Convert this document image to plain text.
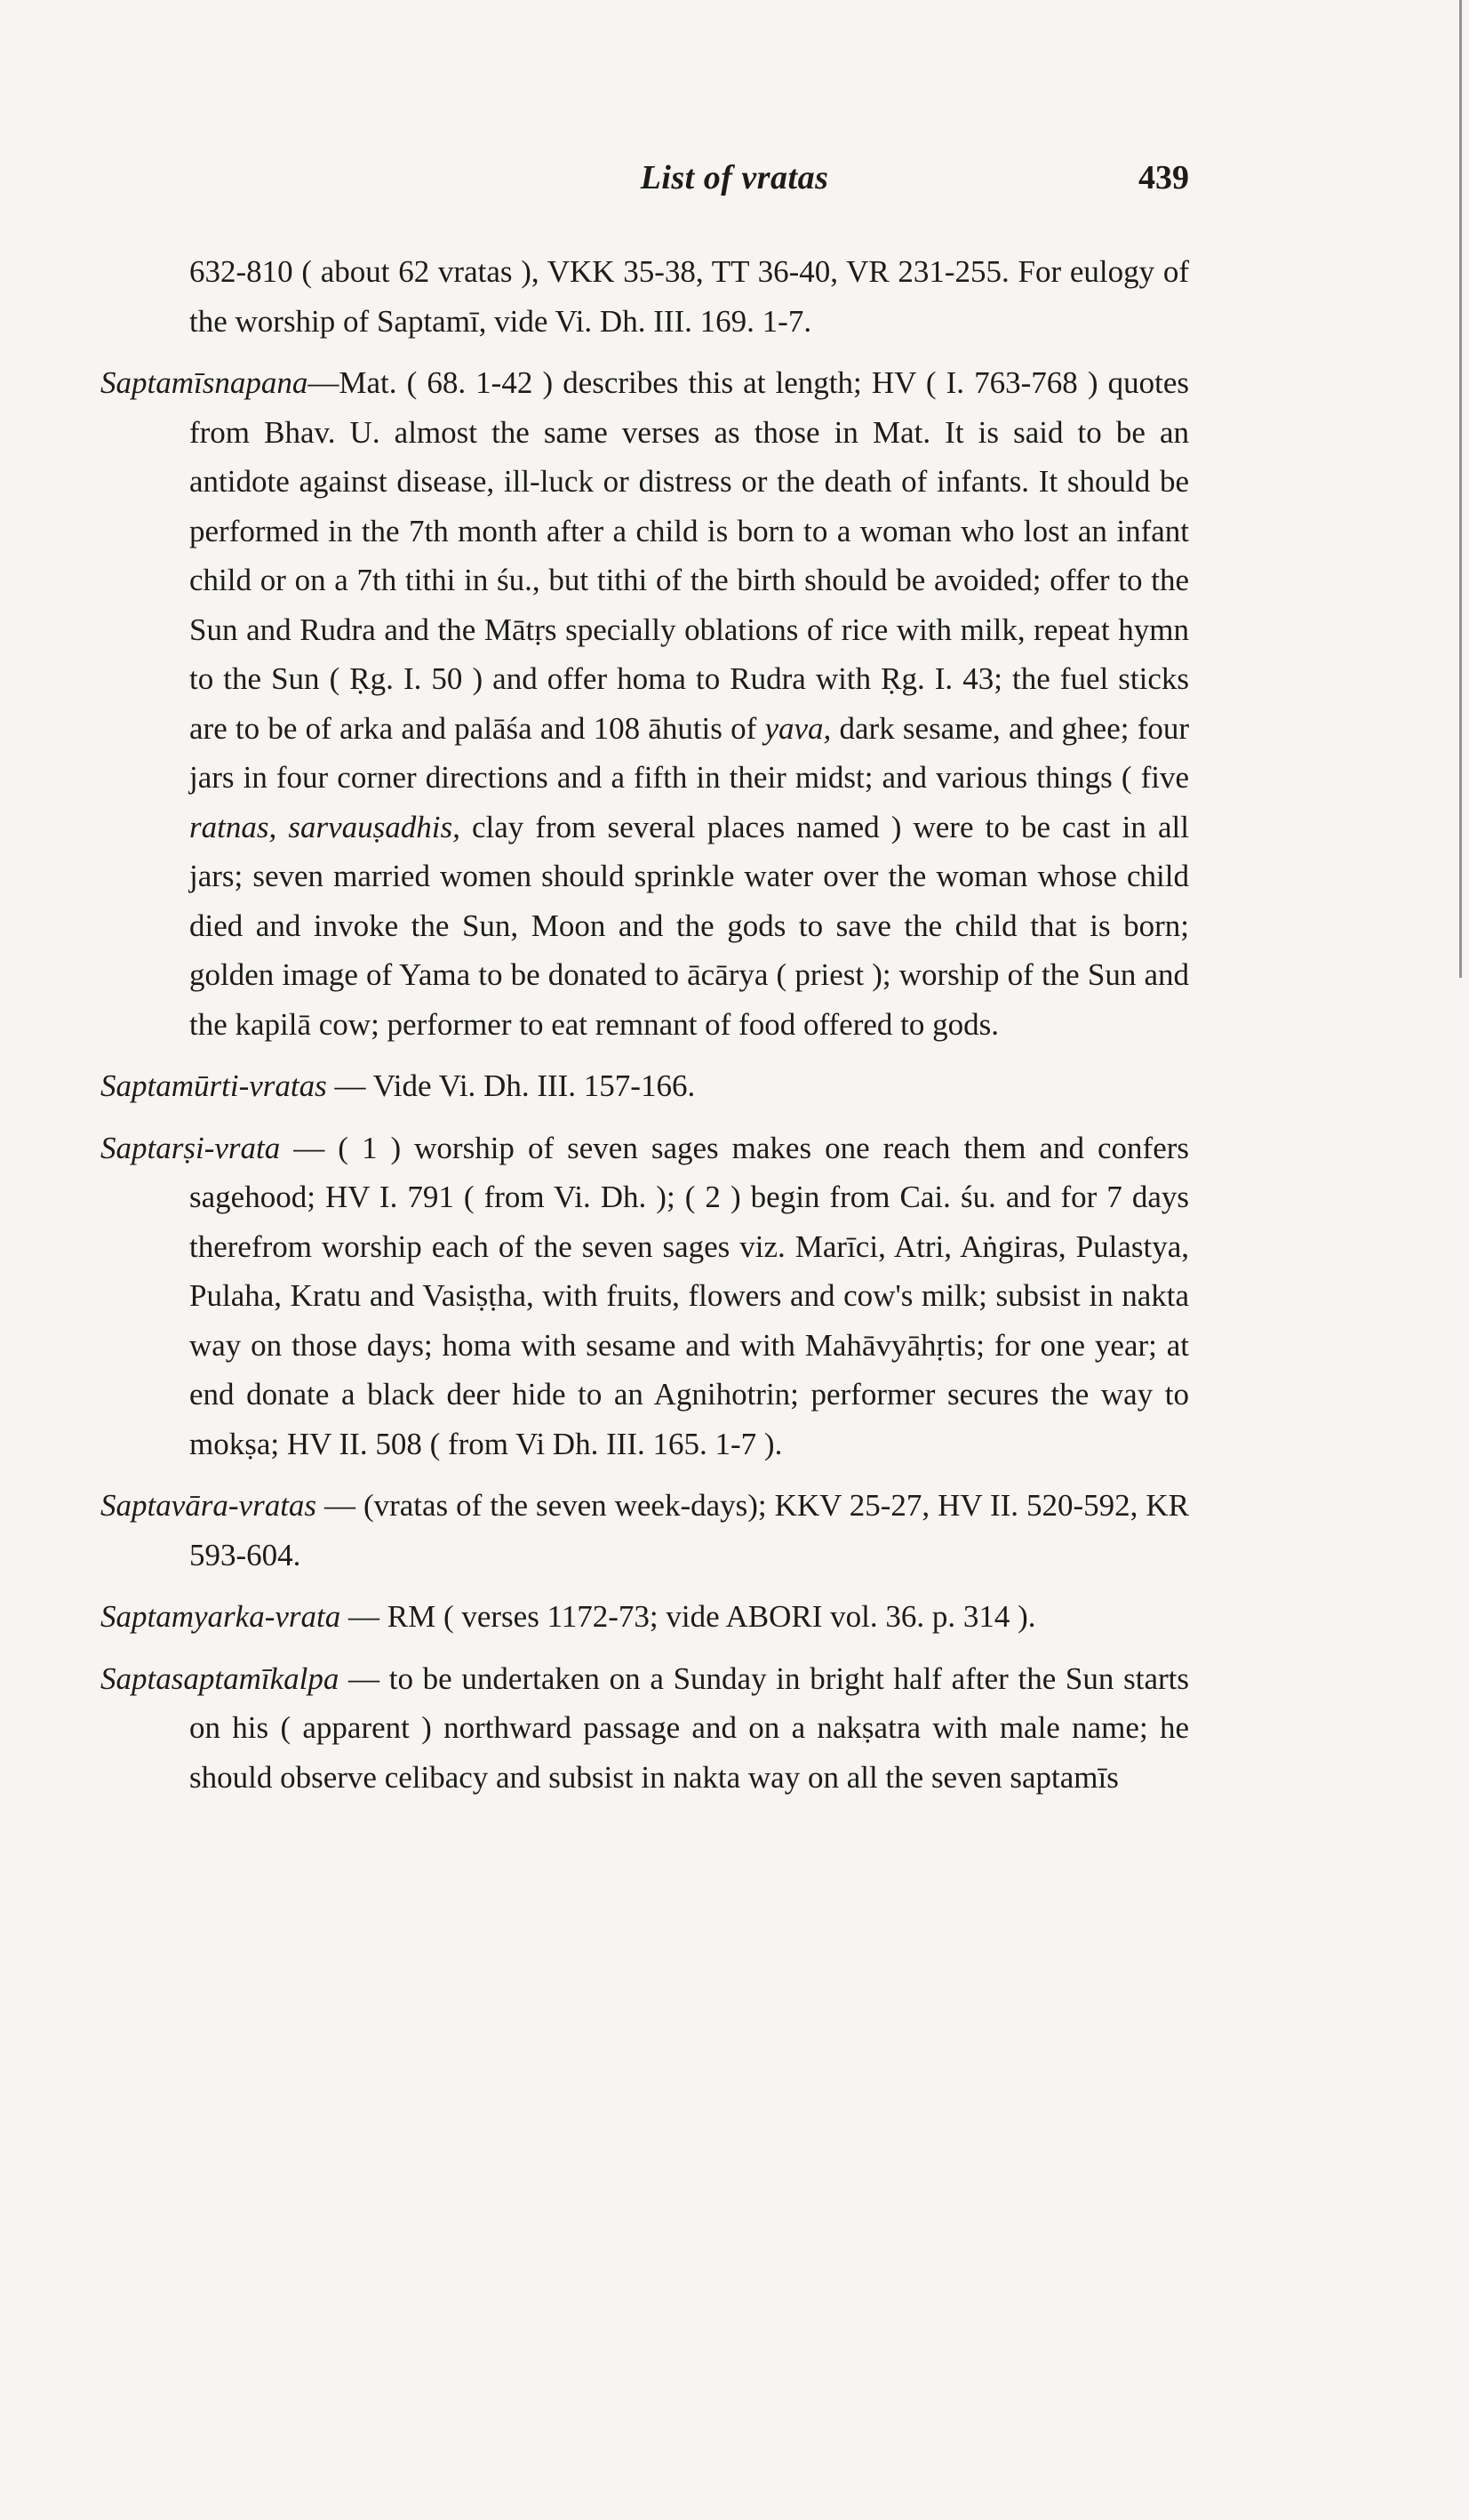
List of vratas	439

632-810 ( about 62 vratas ), VKK 35-38, TT 36-40, VR 231-255. For eulogy of the worship of Saptamī, vide Vi. Dh. III. 169. 1-7.

Saptamīsnapana—Mat. ( 68. 1-42 ) describes this at length; HV ( I. 763-768 ) quotes from Bhav. U. almost the same verses as those in Mat. It is said to be an antidote against disease, ill-luck or distress or the death of infants. It should be performed in the 7th month after a child is born to a woman who lost an infant child or on a 7th tithi in śu., but tithi of the birth should be avoided; offer to the Sun and Rudra and the Mātṛs specially oblations of rice with milk, repeat hymn to the Sun ( Ṛg. I. 50 ) and offer homa to Rudra with Ṛg. I. 43; the fuel sticks are to be of arka and palāśa and 108 āhutis of yava, dark sesame, and ghee; four jars in four corner directions and a fifth in their midst; and various things ( five ratnas, sarvauṣadhis, clay from several places named ) were to be cast in all jars; seven married women should sprinkle water over the woman whose child died and invoke the Sun, Moon and the gods to save the child that is born; golden image of Yama to be donated to ācārya ( priest ); worship of the Sun and the kapilā cow; performer to eat remnant of food offered to gods.

Saptamūrti-vratas — Vide Vi. Dh. III. 157-166.

Saptarṣi-vrata — ( 1 ) worship of seven sages makes one reach them and confers sagehood; HV I. 791 ( from Vi. Dh. ); ( 2 ) begin from Cai. śu. and for 7 days therefrom worship each of the seven sages viz. Marīci, Atri, Aṅgiras, Pulastya, Pulaha, Kratu and Vasiṣṭha, with fruits, flowers and cow's milk; subsist in nakta way on those days; homa with sesame and with Mahāvyāhṛtis; for one year; at end donate a black deer hide to an Agnihotrin; performer secures the way to mokṣa; HV II. 508 ( from Vi Dh. III. 165. 1-7 ).

Saptavāra-vratas — (vratas of the seven week-days); KKV 25-27, HV II. 520-592, KR 593-604.

Saptamyarka-vrata — RM ( verses 1172-73; vide ABORI vol. 36. p. 314 ).

Saptasaptamīkalpa — to be undertaken on a Sunday in bright half after the Sun starts on his ( apparent ) northward passage and on a nakṣatra with male name; he should observe celibacy and subsist in nakta way on all the seven saptamīs
